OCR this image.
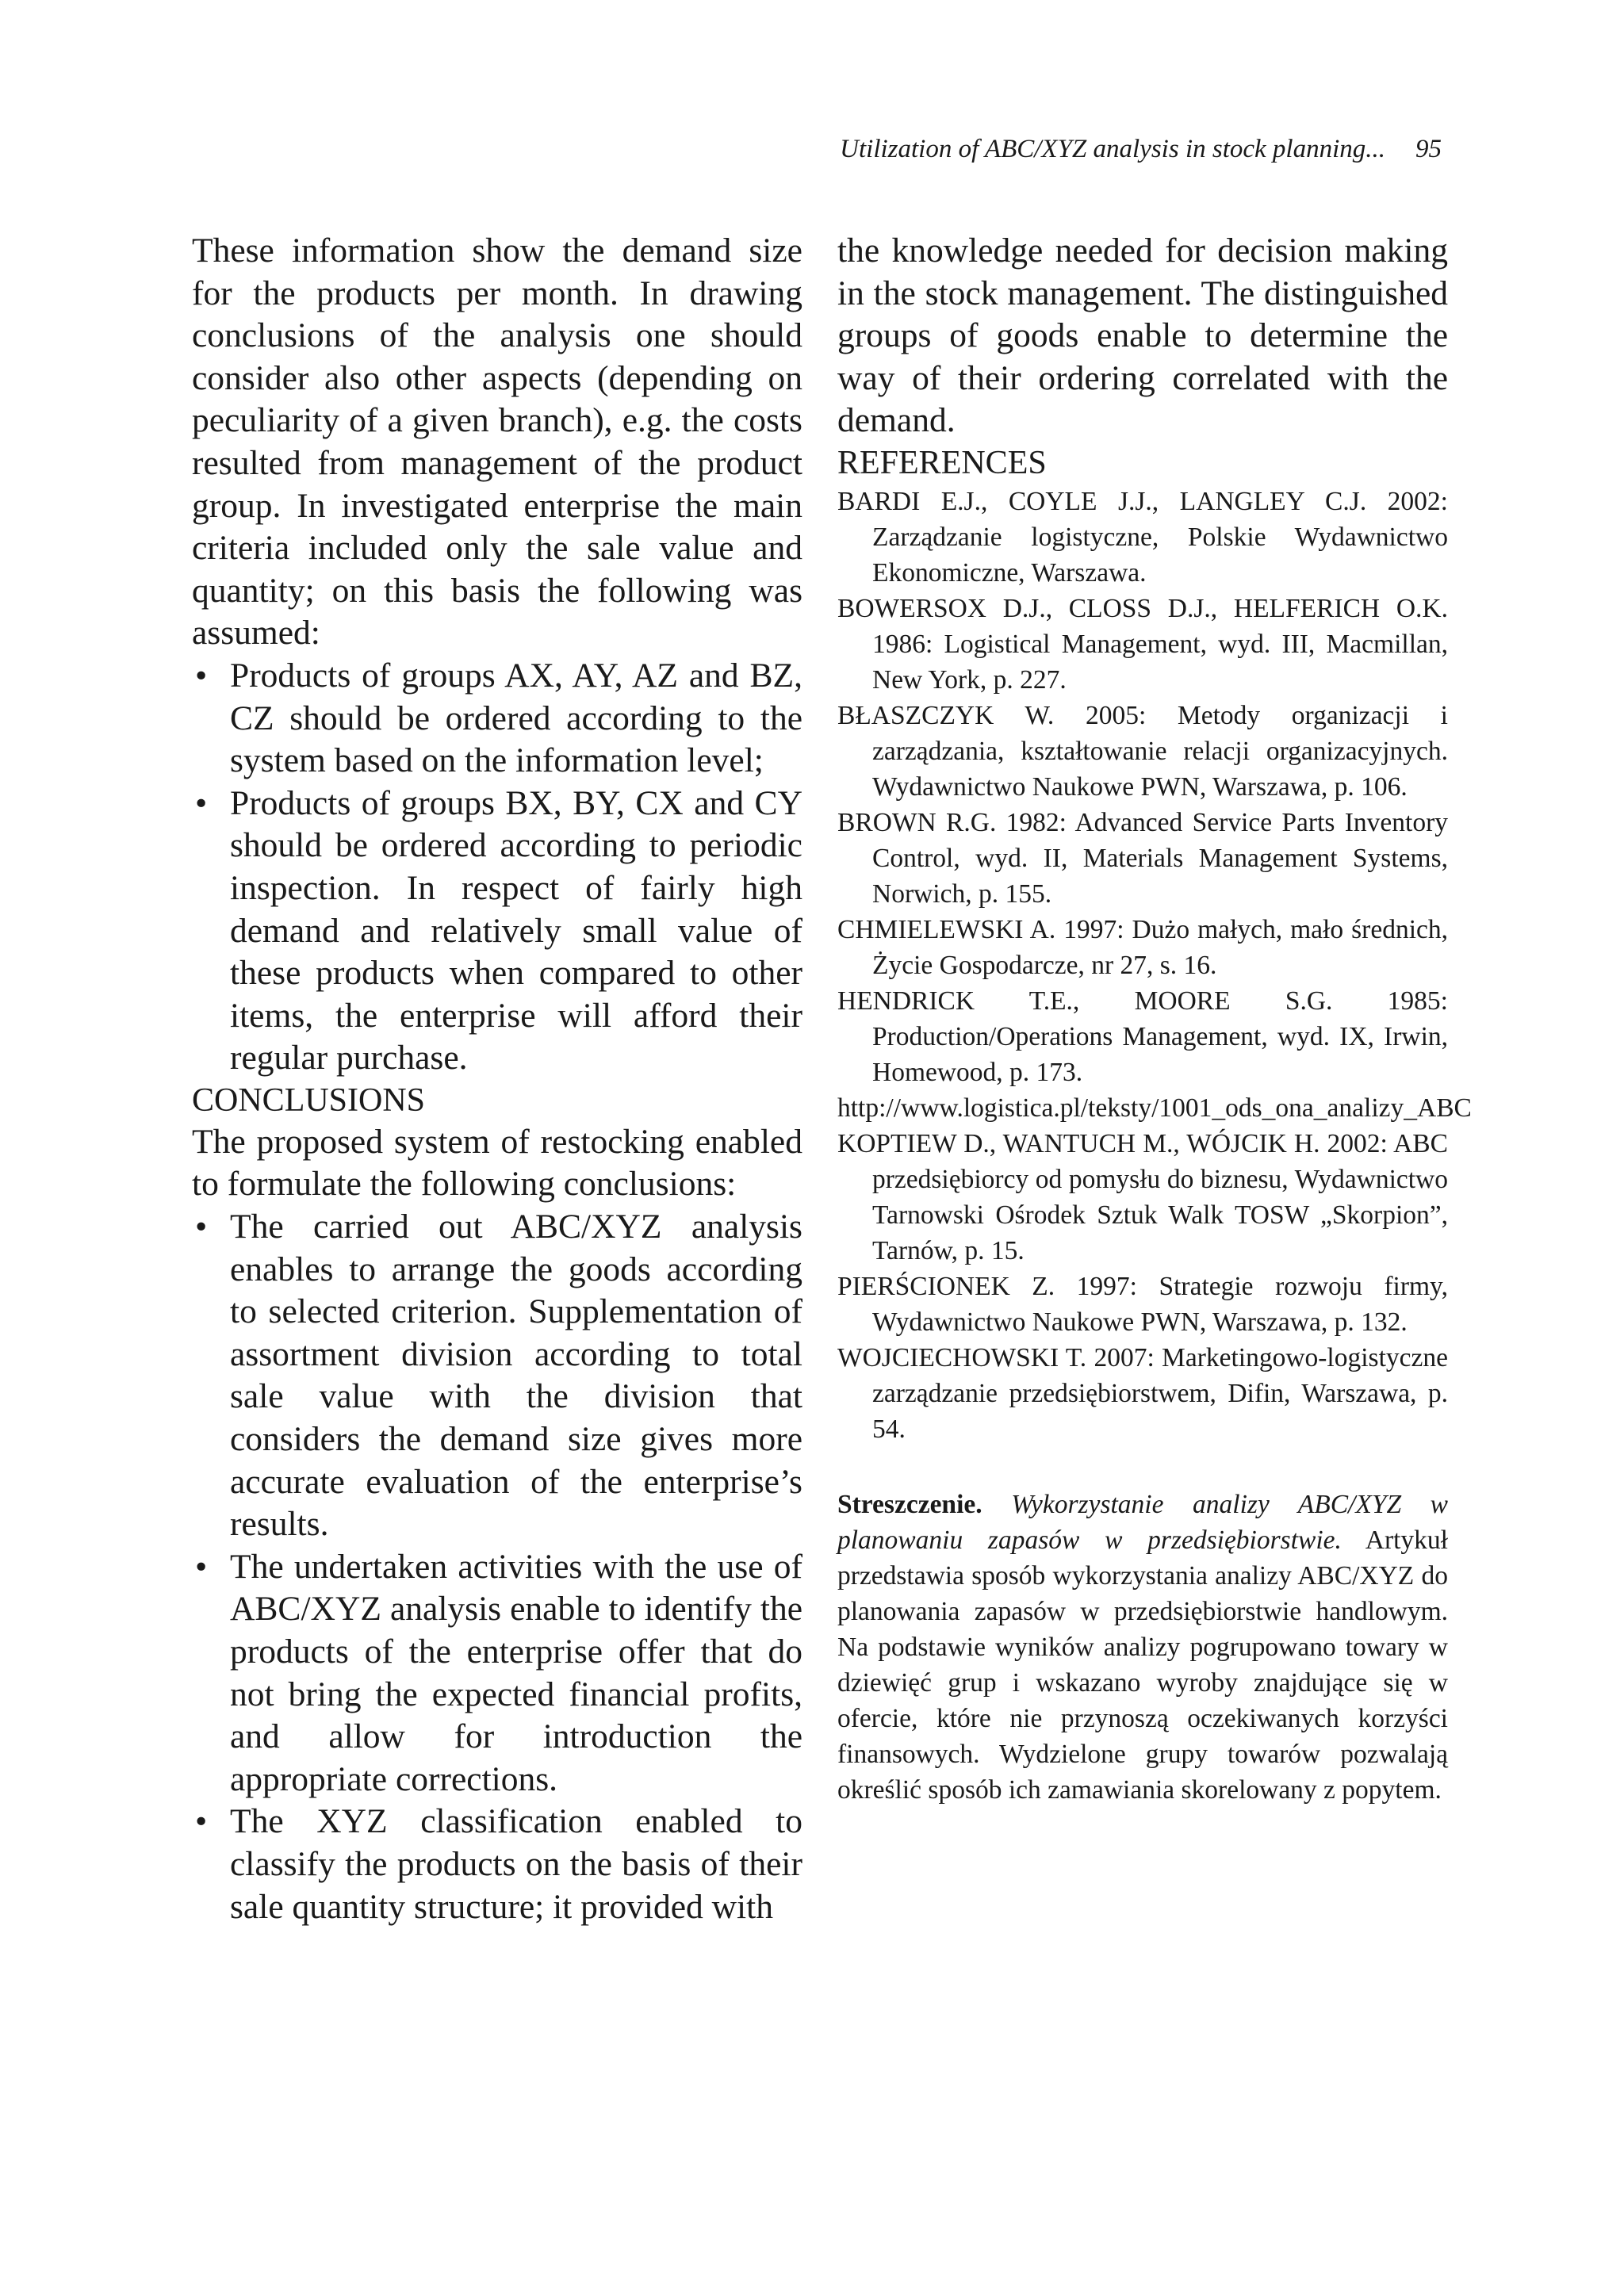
Utilization of ABC/XYZ analysis in stock planning... 95

These information show the demand size for the products per month. In drawing conclusions of the analysis one should consider also other aspects (depending on peculiarity of a given branch), e.g. the costs resulted from management of the product group. In investigated enterprise the main criteria included only the sale value and quantity; on this basis the following was assumed:

• Products of groups AX, AY, AZ and BZ, CZ should be ordered according to the system based on the information level;
• Products of groups BX, BY, CX and CY should be ordered according to periodic inspection. In respect of fairly high demand and relatively small value of these products when compared to other items, the enterprise will afford their regular purchase.
CONCLUSIONS

The proposed system of restocking enabled to formulate the following conclusions:

• The carried out ABC/XYZ analysis enables to arrange the goods according to selected criterion. Supplementation of assortment division according to total sale value with the division that considers the demand size gives more accurate evaluation of the enterprise’s results.
• The undertaken activities with the use of ABC/XYZ analysis enable to identify the products of the enterprise offer that do not bring the expected financial profits, and allow for introduction the appropriate corrections.
• The XYZ classification enabled to classify the products on the basis of their sale quantity structure; it provided with

the knowledge needed for decision making in the stock management. The distinguished groups of goods enable to determine the way of their ordering correlated with the demand.

REFERENCES

BARDI E.J., COYLE J.J., LANGLEY C.J. 2002: Zarządzanie logistyczne, Polskie Wydawnictwo Ekonomiczne, Warszawa.

BOWERSOX D.J., CLOSS D.J., HELFERICH O.K. 1986: Logistical Management, wyd. III, Macmillan, New York, p. 227.

BŁASZCZYK W. 2005: Metody organizacji i zarządzania, kształtowanie relacji organizacyjnych. Wydawnictwo Naukowe PWN, Warszawa, p. 106.

BROWN R.G. 1982: Advanced Service Parts Inventory Control, wyd. II, Materials Management Systems, Norwich, p. 155.

CHMIELEWSKI A. 1997: Dużo małych, mało średnich, Życie Gospodarcze, nr 27, s. 16.

HENDRICK T.E., MOORE S.G. 1985: Production/Operations Management, wyd. IX, Irwin, Homewood, p. 173.

http://www.logistica.pl/teksty/1001_ods_ona_analizy_ABC

KOPTIEW D., WANTUCH M., WÓJCIK H. 2002: ABC przedsiębiorcy od pomysłu do biznesu, Wydawnictwo Tarnowski Ośrodek Sztuk Walk TOSW „Skorpion”, Tarnów, p. 15.

PIERŚCIONEK Z. 1997: Strategie rozwoju firmy, Wydawnictwo Naukowe PWN, Warszawa, p. 132.

WOJCIECHOWSKI T. 2007: Marketingowo-logistyczne zarządzanie przedsiębiorstwem, Difin, Warszawa, p. 54.

Streszczenie. Wykorzystanie analizy ABC/XYZ w planowaniu zapasów w przedsiębiorstwie. Artykuł przedstawia sposób wykorzystania analizy ABC/XYZ do planowania zapasów w przedsiębiorstwie handlowym. Na podstawie wyników analizy pogrupowano towary w dziewięć grup i wskazano wyroby znajdujące się w ofercie, które nie przynoszą oczekiwanych korzyści finansowych. Wydzielone grupy towarów pozwalają określić sposób ich zamawiania skorelowany z popytem.
